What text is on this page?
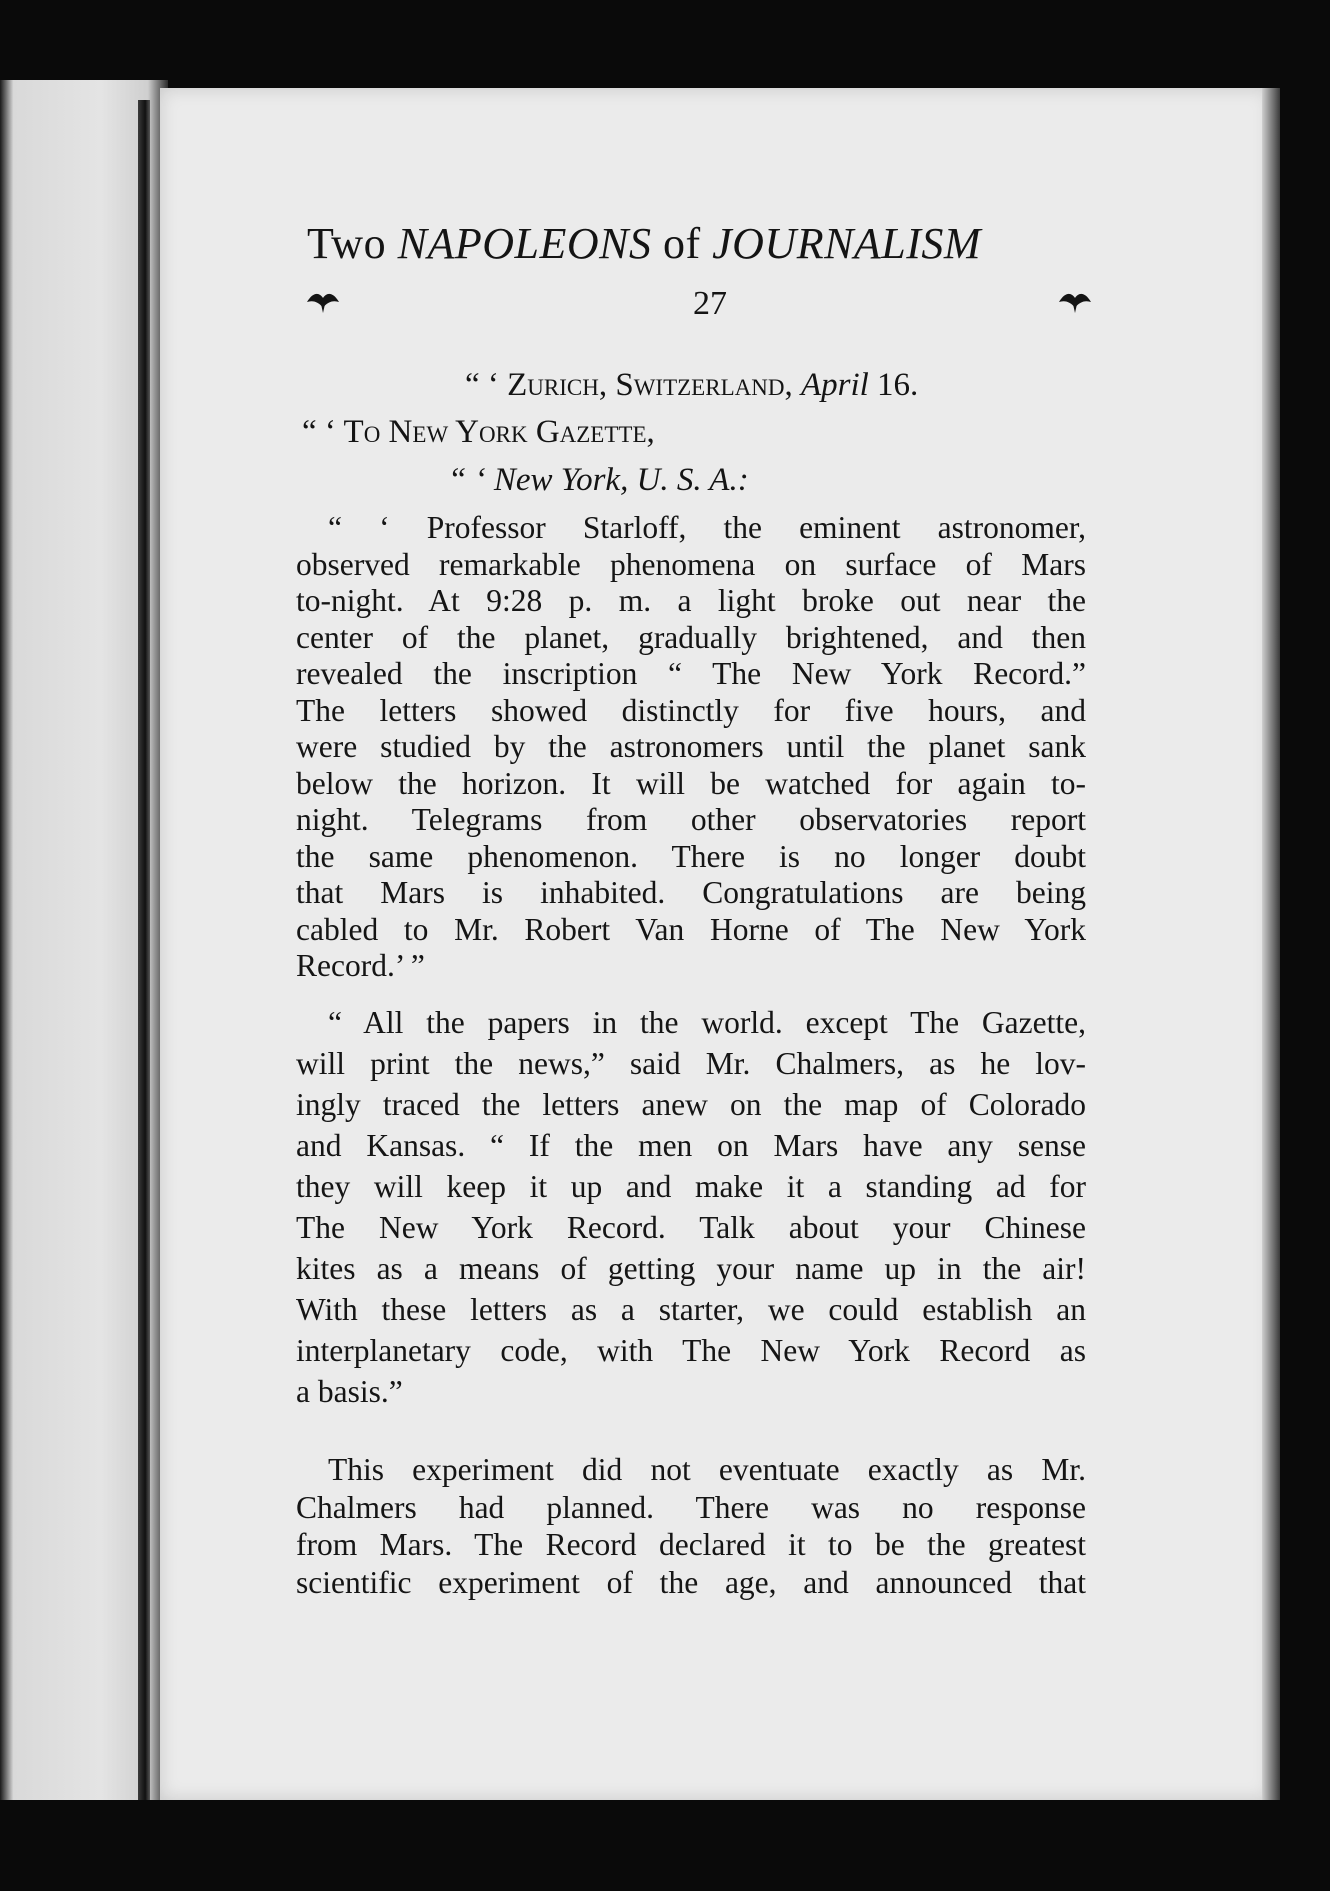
Two NAPOLEONS of JOURNALISM
27
“ ‘ Zurich, Switzerland, April 16.
“ ‘ To New York Gazette,
“ ‘ New York, U. S. A.:
“ ‘ Professor Starloff, the eminent astronomer,
observed remarkable phenomena on surface of Mars
to-night. At 9:28 p. m. a light broke out near the
center of the planet, gradually brightened, and then
revealed the inscription “ The New York Record.”
The letters showed distinctly for five hours, and
were studied by the astronomers until the planet sank
below the horizon. It will be watched for again to-
night. Telegrams from other observatories report
the same phenomenon. There is no longer doubt
that Mars is inhabited. Congratulations are being
cabled to Mr. Robert Van Horne of The New York
Record.’ ”
“ All the papers in the world. except The Gazette,
will print the news,” said Mr. Chalmers, as he lov-
ingly traced the letters anew on the map of Colorado
and Kansas. “ If the men on Mars have any sense
they will keep it up and make it a standing ad for
The New York Record. Talk about your Chinese
kites as a means of getting your name up in the air!
With these letters as a starter, we could establish an
interplanetary code, with The New York Record as
a basis.”
This experiment did not eventuate exactly as Mr.
Chalmers had planned. There was no response
from Mars. The Record declared it to be the greatest
scientific experiment of the age, and announced that
